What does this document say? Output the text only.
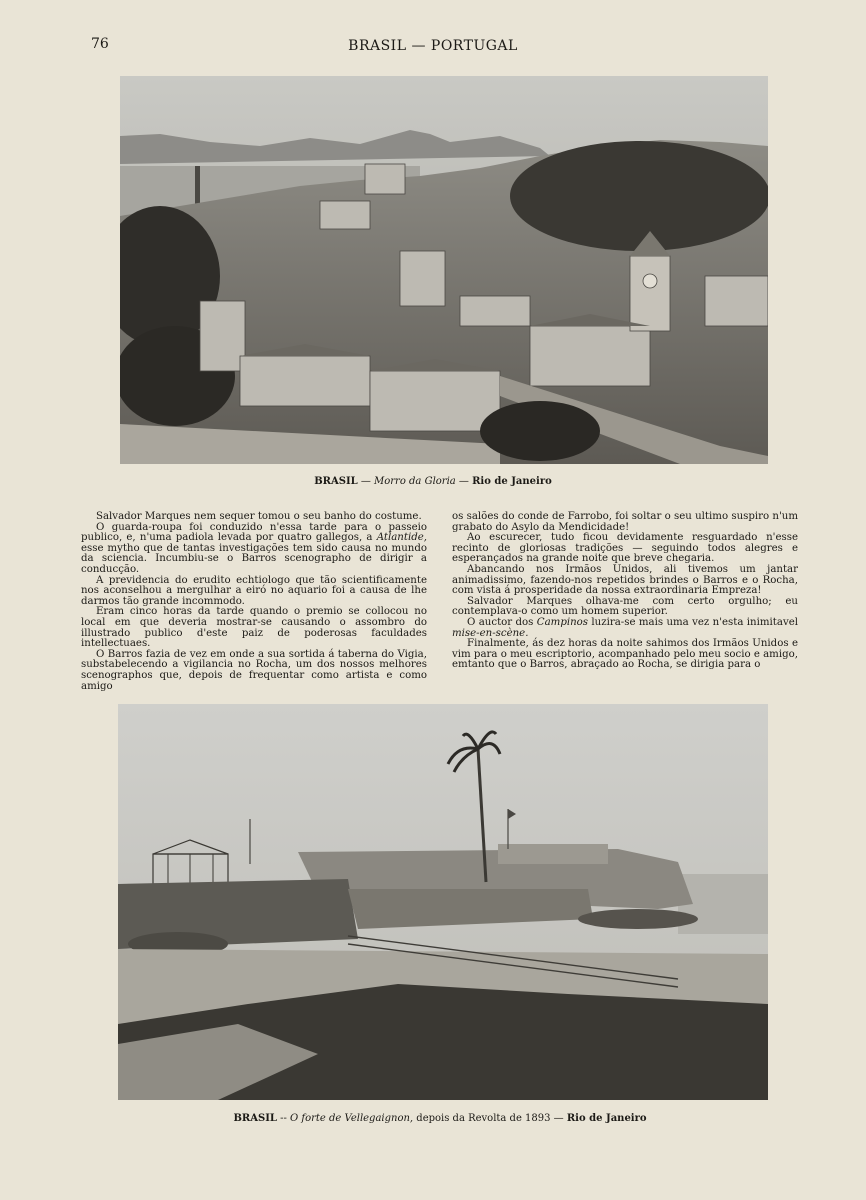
76	BRASIL — PORTUGAL
BRASIL — Morro da Gloria — Rio de Janeiro

Salvador Marques nem sequer tomou o seu banho do costume.

O guarda-roupa foi conduzido n'essa tarde para o passeio publico, e, n'uma padiola levada por quatro gallegos, a Atlantide, esse mytho que de tantas investigações tem sido causa no mundo da sciencia. Incumbiu-se o Barros scenographo de dirigir a conducção.

A previdencia do erudito echtiologo que tão scientificamente nos aconselhou a mergulhar a eiró no aquario foi a causa de lhe darmos tão grande incommodo.

Eram cinco horas da tarde quando o premio se collocou no local em que deveria mostrar-se causando o assombro do illustrado publico d'este paiz de poderosas faculdades intellectuaes.

O Barros fazia de vez em onde a sua sortida á taberna do Vigia, substabelecendo a vigilancia no Rocha, um dos nossos melhores scenographos que, depois de frequentar como artista e como amigo

os salões do conde de Farrobo, foi soltar o seu ultimo suspiro n'um grabato do Asylo da Mendicidade!

Ao escurecer, tudo ficou devidamente resguardado n'esse recinto de gloriosas tradições — seguindo todos alegres e esperançados na grande noite que breve chegaria.

Abancando nos Irmãos Unidos, ali tivemos um jantar animadissimo, fazendo-nos repetidos brindes o Barros e o Rocha, com vista á prosperidade da nossa extraordinaria Empreza!

Salvador Marques olhava-me com certo orgulho; eu contemplava-o como um homem superior.

O auctor dos Campinos luzira-se mais uma vez n'esta inimitavel mise-en-scène.

Finalmente, ás dez horas da noite sahimos dos Irmãos Unidos e vim para o meu escriptorio, acompanhado pelo meu socio e amigo, emtanto que o Barros, abraçado ao Rocha, se dirigia para o

BRASIL -- O forte de Vellegaignon, depois da Revolta de 1893 — Rio de Janeiro
